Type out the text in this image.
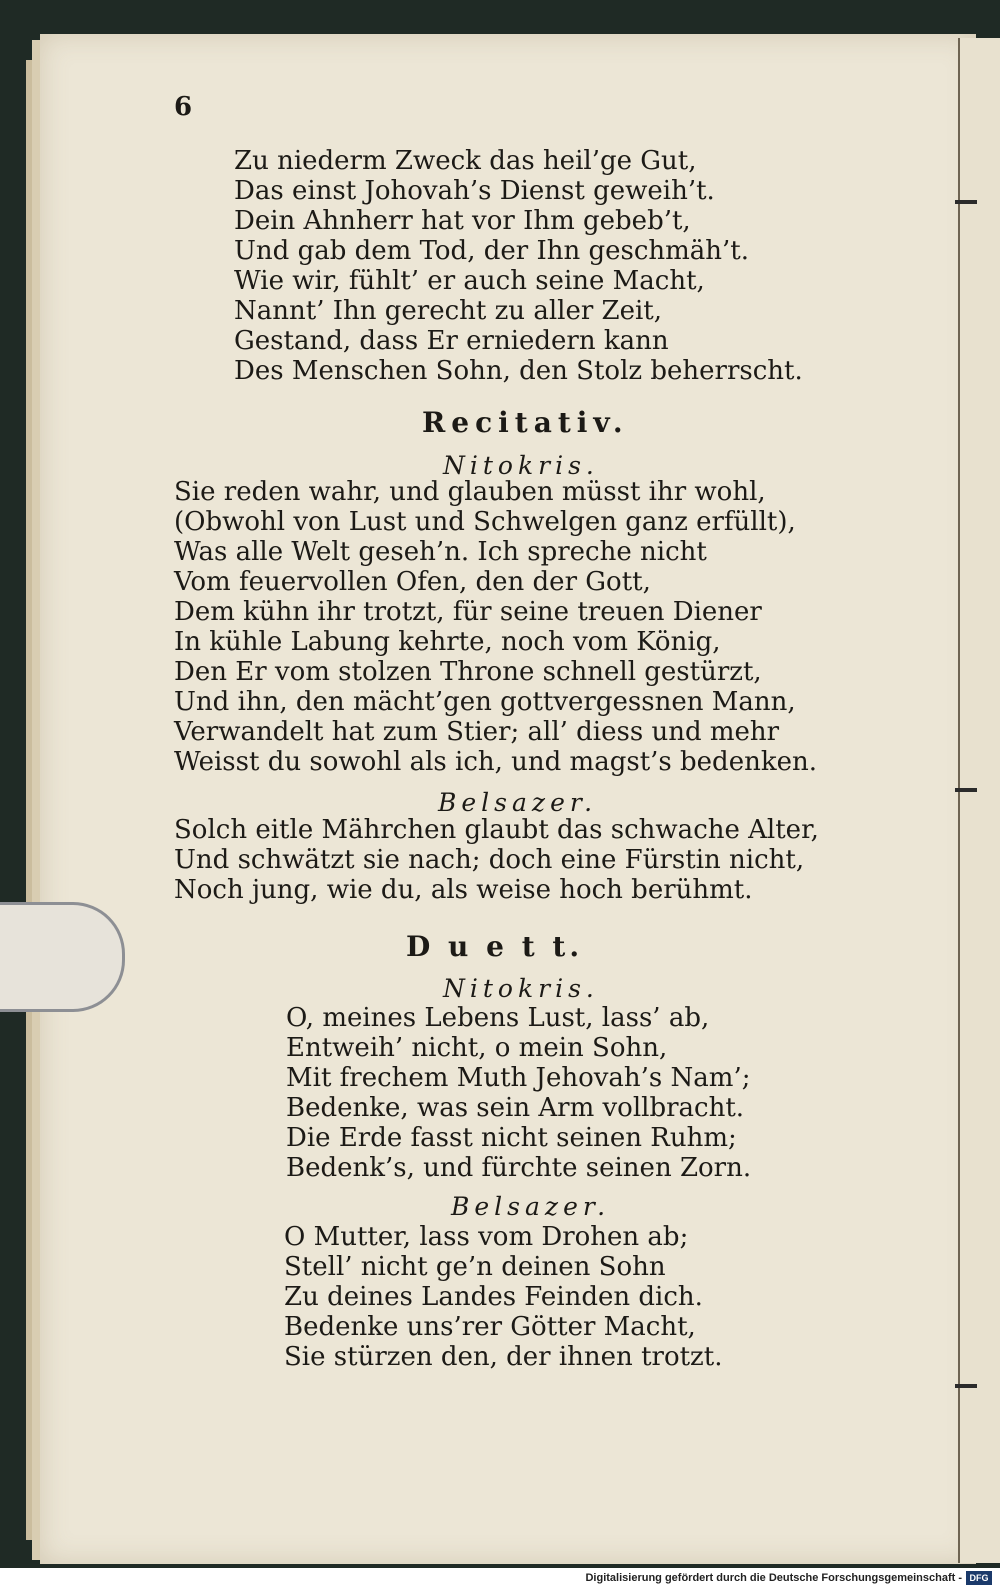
6
Zu niederm Zweck das heil’ge Gut,
Das einst Johovah’s Dienst geweih’t.
Dein Ahnherr hat vor Ihm gebeb’t,
Und gab dem Tod, der Ihn geschmäh’t.
Wie wir, fühlt’ er auch seine Macht,
Nannt’ Ihn gerecht zu aller Zeit,
Gestand, dass Er erniedern kann
Des Menschen Sohn, den Stolz beherrscht.
Recitativ.
Nitokris.
Sie reden wahr, und glauben müsst ihr wohl,
(Obwohl von Lust und Schwelgen ganz erfüllt),
Was alle Welt geseh’n. Ich spreche nicht
Vom feuervollen Ofen, den der Gott,
Dem kühn ihr trotzt, für seine treuen Diener
In kühle Labung kehrte, noch vom König,
Den Er vom stolzen Throne schnell gestürzt,
Und ihn, den mächt’gen gottvergessnen Mann,
Verwandelt hat zum Stier; all’ diess und mehr
Weisst du sowohl als ich, und magst’s bedenken.
Belsazer.
Solch eitle Mährchen glaubt das schwache Alter,
Und schwätzt sie nach; doch eine Fürstin nicht,
Noch jung, wie du, als weise hoch berühmt.
D u e t t.
Nitokris.
O, meines Lebens Lust, lass’ ab,
Entweih’ nicht, o mein Sohn,
Mit frechem Muth Jehovah’s Nam’;
Bedenke, was sein Arm vollbracht.
Die Erde fasst nicht seinen Ruhm;
Bedenk’s, und fürchte seinen Zorn.
Belsazer.
O Mutter, lass vom Drohen ab;
Stell’ nicht ge’n deinen Sohn
Zu deines Landes Feinden dich.
Bedenke uns’rer Götter Macht,
Sie stürzen den, der ihnen trotzt.
Digitalisierung gefördert durch die Deutsche Forschungsgemeinschaft - DFG
